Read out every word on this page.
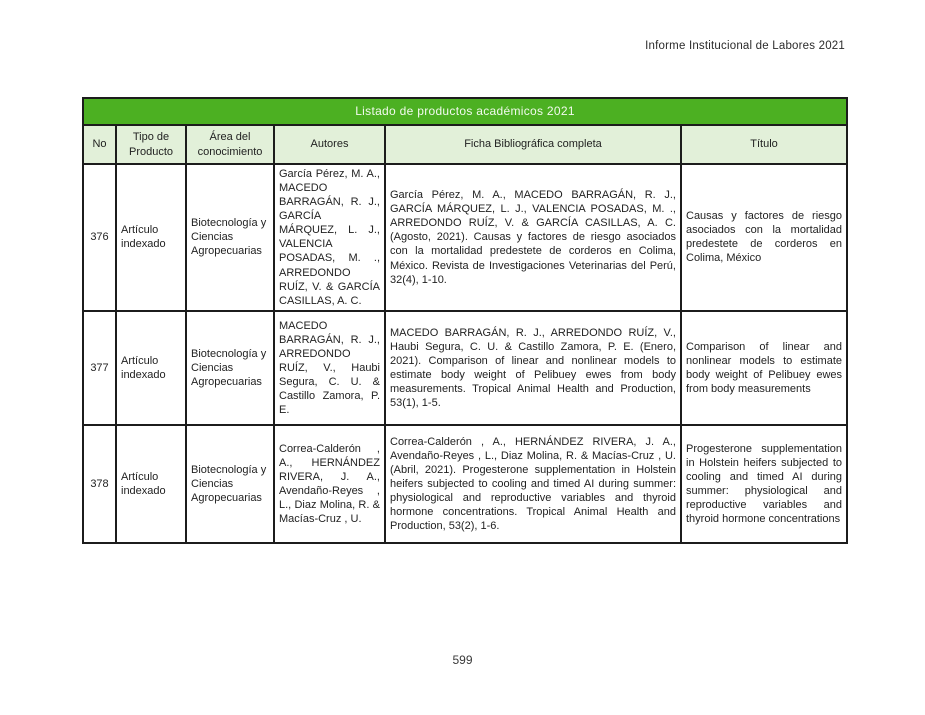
Informe Institucional de Labores 2021
Listado de productos académicos 2021					
No	Tipo de Producto	Área del conocimiento	Autores	Ficha Bibliográfica completa	Título
376	Artículo indexado	Biotecnología y Ciencias Agropecuarias	García Pérez, M. A., MACEDO BARRAGÁN, R. J., GARCÍA MÁRQUEZ, L. J., VALENCIA POSADAS, M. ., ARREDONDO RUÍZ, V. & GARCÍA CASILLAS, A. C.	García Pérez, M. A., MACEDO BARRAGÁN, R. J., GARCÍA MÁRQUEZ, L. J., VALENCIA POSADAS, M. ., ARREDONDO RUÍZ, V. & GARCÍA CASILLAS, A. C. (Agosto, 2021). Causas y factores de riesgo asociados con la mortalidad predestete de corderos en Colima, México. Revista de Investigaciones Veterinarias del Perú, 32(4), 1-10.	Causas y factores de riesgo asociados con la mortalidad predestete de corderos en Colima, México
377	Artículo indexado	Biotecnología y Ciencias Agropecuarias	MACEDO BARRAGÁN, R. J., ARREDONDO RUÍZ, V., Haubi Segura, C. U. & Castillo Zamora, P. E.	MACEDO BARRAGÁN, R. J., ARREDONDO RUÍZ, V., Haubi Segura, C. U. & Castillo Zamora, P. E. (Enero, 2021). Comparison of linear and nonlinear models to estimate body weight of Pelibuey ewes from body measurements. Tropical Animal Health and Production, 53(1), 1-5.	Comparison of linear and nonlinear models to estimate body weight of Pelibuey ewes from body measurements
378	Artículo indexado	Biotecnología y Ciencias Agropecuarias	Correa-Calderón , A., HERNÁNDEZ RIVERA, J. A., Avendaño-Reyes , L., Diaz Molina, R. & Macías-Cruz , U.	Correa-Calderón , A., HERNÁNDEZ RIVERA, J. A., Avendaño-Reyes , L., Diaz Molina, R. & Macías-Cruz , U. (Abril, 2021). Progesterone supplementation in Holstein heifers subjected to cooling and timed AI during summer: physiological and reproductive variables and thyroid hormone concentrations. Tropical Animal Health and Production, 53(2), 1-6.	Progesterone supplementation in Holstein heifers subjected to cooling and timed AI during summer: physiological and reproductive variables and thyroid hormone concentrations
599
